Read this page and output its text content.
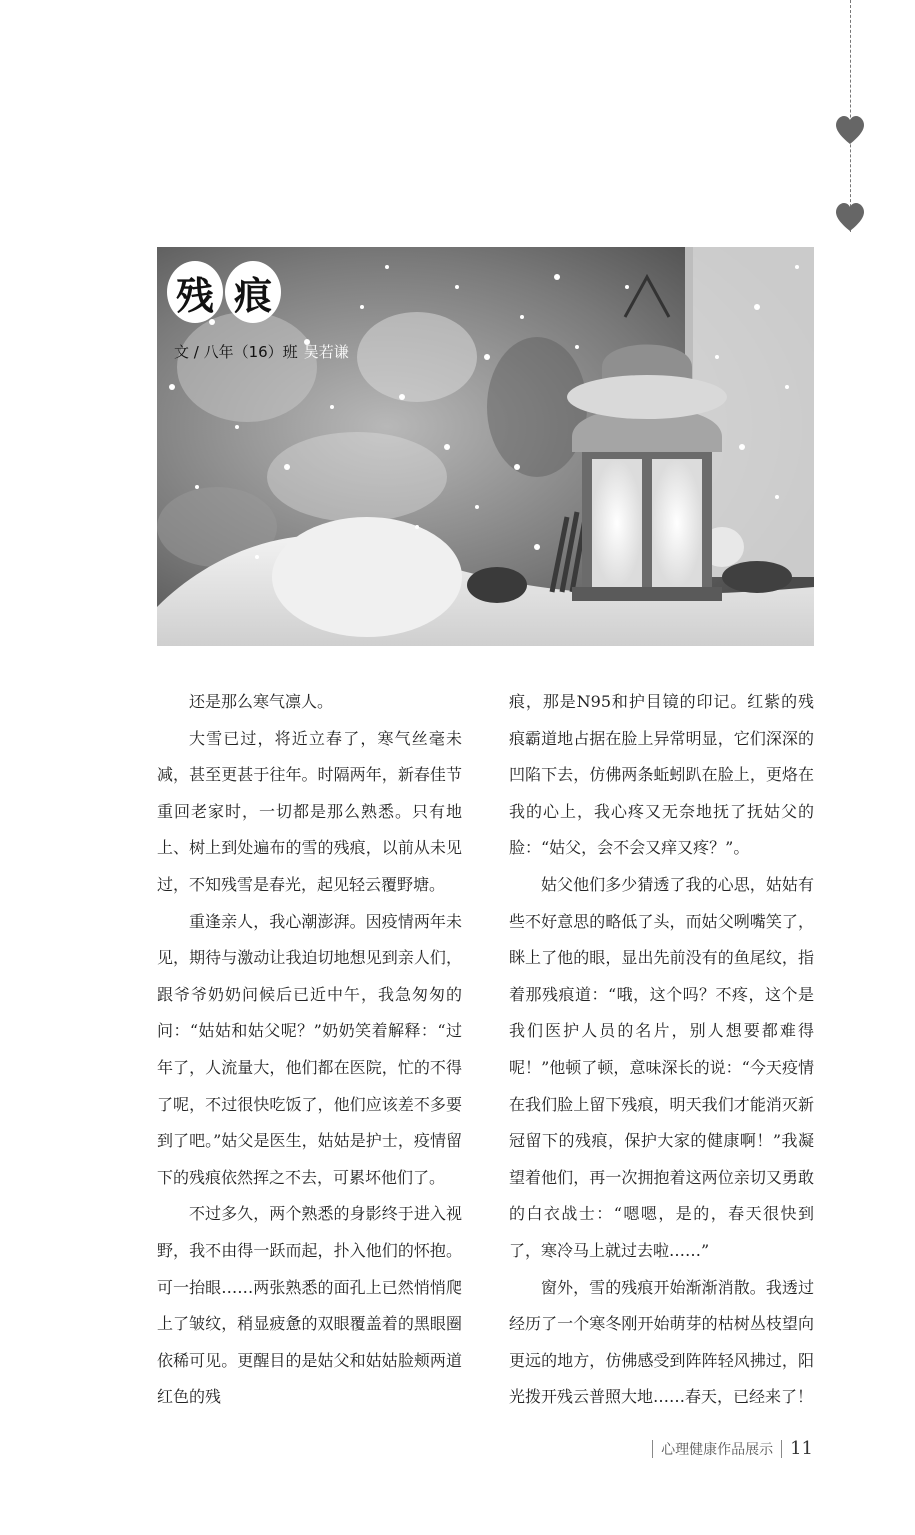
残 痕
文 / 八年（16）班 吴若谦

还是那么寒气凛人。

大雪已过，将近立春了，寒气丝毫未减，甚至更甚于往年。时隔两年，新春佳节重回老家时，一切都是那么熟悉。只有地上、树上到处遍布的雪的残痕，以前从未见过，不知残雪是春光，起见轻云覆野塘。

重逢亲人，我心潮澎湃。因疫情两年未见，期待与激动让我迫切地想见到亲人们，跟爷爷奶奶问候后已近中午，我急匆匆的问：“姑姑和姑父呢？”奶奶笑着解释：“过年了，人流量大，他们都在医院，忙的不得了呢，不过很快吃饭了，他们应该差不多要到了吧。”姑父是医生，姑姑是护士，疫情留下的残痕依然挥之不去，可累坏他们了。

不过多久，两个熟悉的身影终于进入视野，我不由得一跃而起，扑入他们的怀抱。可一抬眼……两张熟悉的面孔上已然悄悄爬上了皱纹，稍显疲惫的双眼覆盖着的黑眼圈依稀可见。更醒目的是姑父和姑姑脸颊两道红色的残

痕，那是N95和护目镜的印记。红紫的残痕霸道地占据在脸上异常明显，它们深深的凹陷下去，仿佛两条蚯蚓趴在脸上，更烙在我的心上，我心疼又无奈地抚了抚姑父的脸：“姑父，会不会又痒又疼？”。

姑父他们多少猜透了我的心思，姑姑有些不好意思的略低了头，而姑父咧嘴笑了，眯上了他的眼，显出先前没有的鱼尾纹，指着那残痕道：“哦，这个吗？不疼，这个是我们医护人员的名片，别人想要都难得呢！”他顿了顿，意味深长的说：“今天疫情在我们脸上留下残痕，明天我们才能消灭新冠留下的残痕，保护大家的健康啊！”我凝望着他们，再一次拥抱着这两位亲切又勇敢的白衣战士：“嗯嗯，是的，春天很快到了，寒冷马上就过去啦……”

窗外，雪的残痕开始渐渐消散。我透过经历了一个寒冬刚开始萌芽的枯树丛枝望向更远的地方，仿佛感受到阵阵轻风拂过，阳光拨开残云普照大地……春天，已经来了！

心理健康作品展示 11
